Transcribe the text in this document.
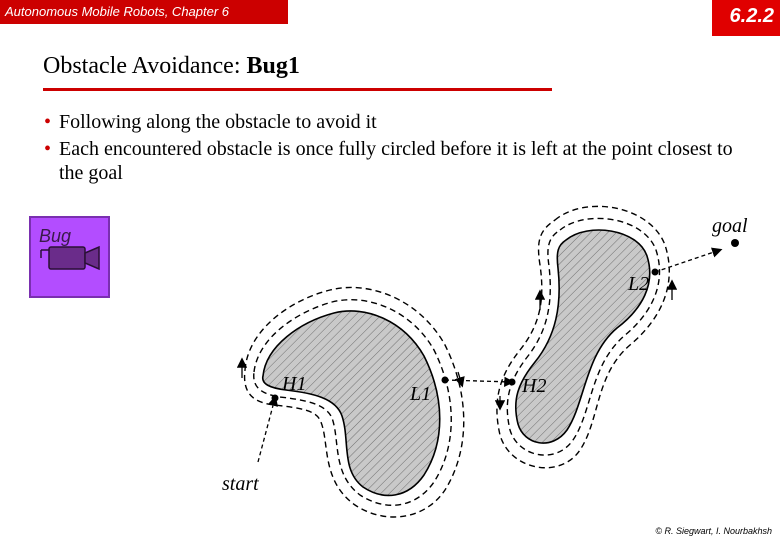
Autonomous Mobile Robots, Chapter 6	6.2.2
Obstacle Avoidance: Bug1
• Following along the obstacle to avoid it
• Each encountered obstacle is once fully circled before it is left at the point closest to the goal
Bug	goal
start
H1	L1	H2
L2
© R. Siegwart, I. Nourbakhsh
